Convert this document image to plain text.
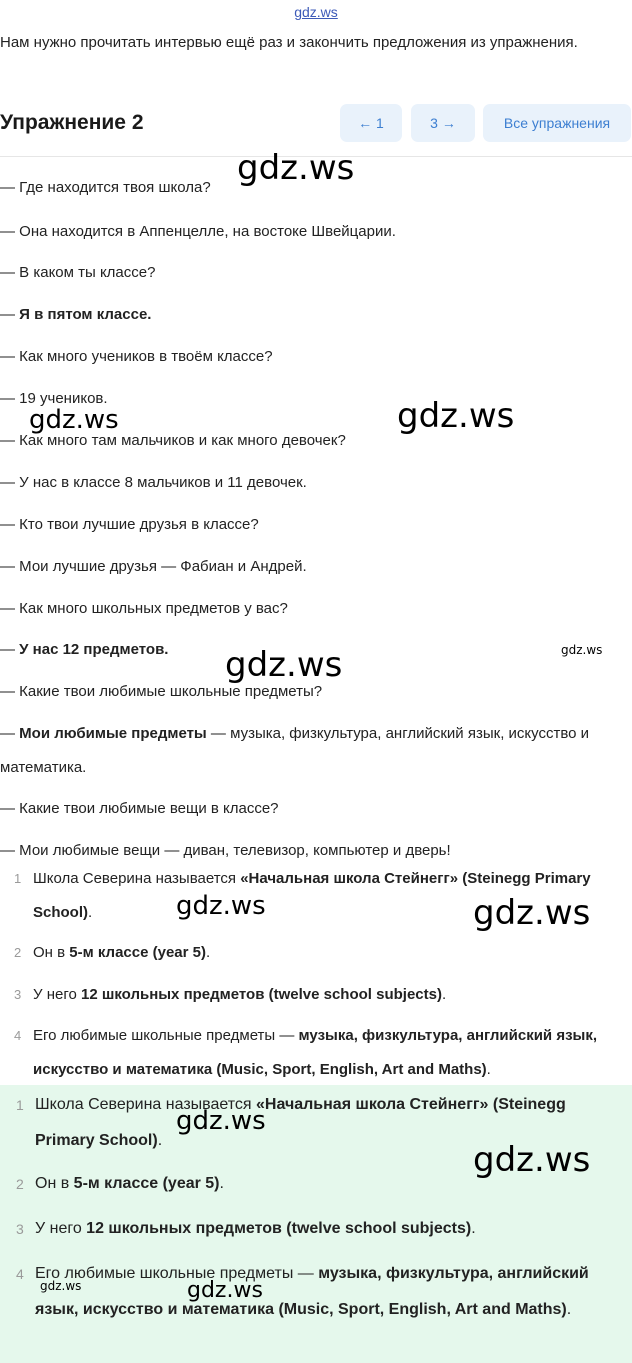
gdz.ws
Нам нужно прочитать интервью ещё раз и закончить предложения из упражнения.
Упражнение 2	← 1	3 →	Все упражнения
— Где находится твоя школа?
— Она находится в Аппенцелле, на востоке Швейцарии.
— В каком ты классе?
— Я в пятом классе.
— Как много учеников в твоём классе?
— 19 учеников.
— Как много там мальчиков и как много девочек?
— У нас в классе 8 мальчиков и 11 девочек.
— Кто твои лучшие друзья в классе?
— Мои лучшие друзья — Фабиан и Андрей.
— Как много школьных предметов у вас?
— У нас 12 предметов.
— Какие твои любимые школьные предметы?
— Мои любимые предметы — музыка, физкультура, английский язык, искусство и математика.
— Какие твои любимые вещи в классе?
— Мои любимые вещи — диван, телевизор, компьютер и дверь!
1 Школа Северина называется «Начальная школа Стейнегг» (Steinegg Primary School).
2 Он в 5-м классе (year 5).
3 У него 12 школьных предметов (twelve school subjects).
4 Его любимые школьные предметы — музыка, физкультура, английский язык, искусство и математика (Music, Sport, English, Art and Maths).
1 Школа Северина называется «Начальная школа Стейнегг» (Steinegg Primary School).
2 Он в 5-м классе (year 5).
3 У него 12 школьных предметов (twelve school subjects).
4 Его любимые школьные предметы — музыка, физкультура, английский язык, искусство и математика (Music, Sport, English, Art and Maths).
gdz.ws
gdz.ws	gdz.ws
gdz.ws	gdz.ws
gdz.ws	gdz.ws
gdz.ws
gdz.ws
gdz.ws	gdz.ws
